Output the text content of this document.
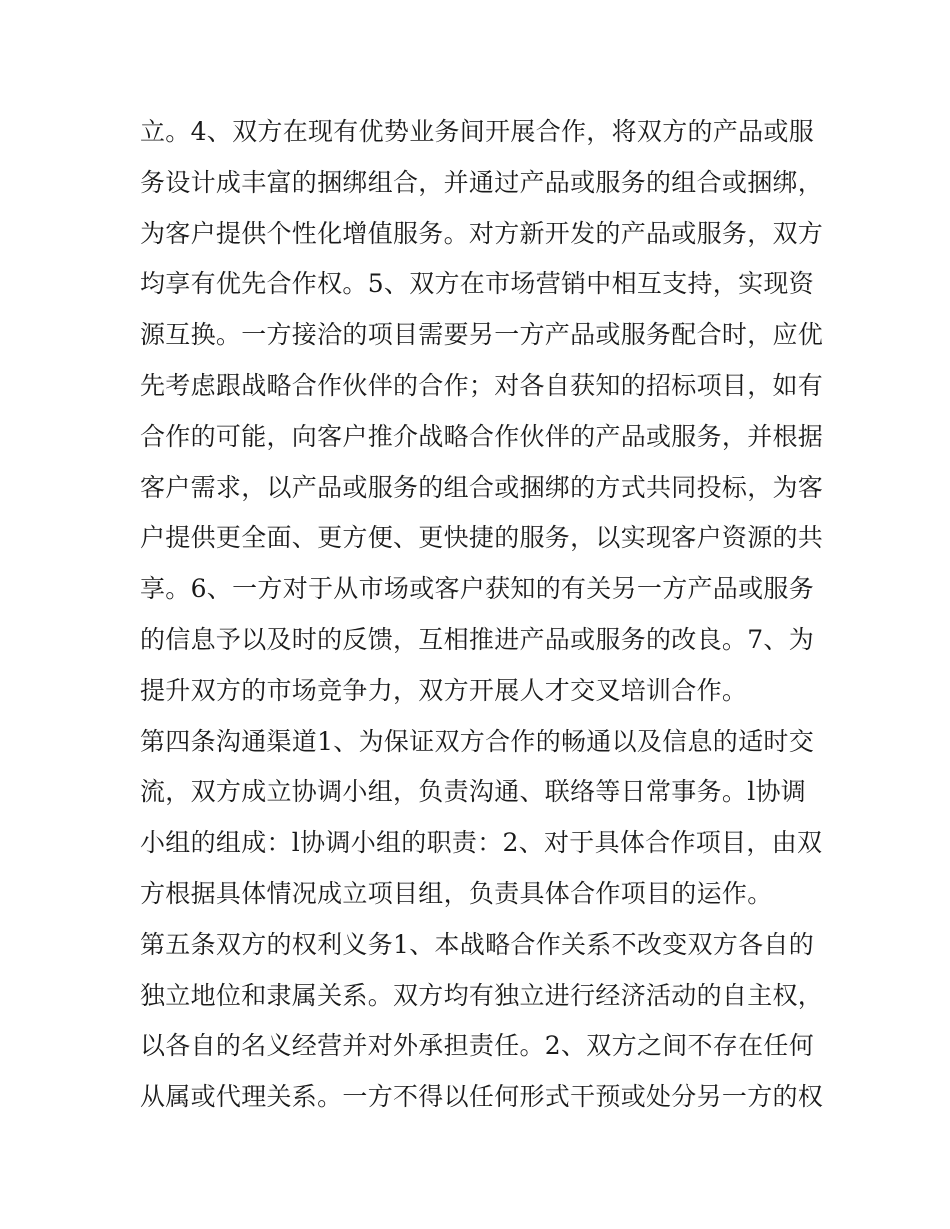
立。4、双方在现有优势业务间开展合作，将双方的产品或服
务设计成丰富的捆绑组合，并通过产品或服务的组合或捆绑，
为客户提供个性化增值服务。对方新开发的产品或服务，双方
均享有优先合作权。5、双方在市场营销中相互支持，实现资
源互换。一方接洽的项目需要另一方产品或服务配合时，应优
先考虑跟战略合作伙伴的合作；对各自获知的招标项目，如有
合作的可能，向客户推介战略合作伙伴的产品或服务，并根据
客户需求，以产品或服务的组合或捆绑的方式共同投标，为客
户提供更全面、更方便、更快捷的服务，以实现客户资源的共
享。6、一方对于从市场或客户获知的有关另一方产品或服务
的信息予以及时的反馈，互相推进产品或服务的改良。7、为
提升双方的市场竞争力，双方开展人才交叉培训合作。
第四条沟通渠道1、为保证双方合作的畅通以及信息的适时交
流，双方成立协调小组，负责沟通、联络等日常事务。l协调
小组的组成：l协调小组的职责：2、对于具体合作项目，由双
方根据具体情况成立项目组，负责具体合作项目的运作。
第五条双方的权利义务1、本战略合作关系不改变双方各自的
独立地位和隶属关系。双方均有独立进行经济活动的自主权，
以各自的名义经营并对外承担责任。2、双方之间不存在任何
从属或代理关系。一方不得以任何形式干预或处分另一方的权
